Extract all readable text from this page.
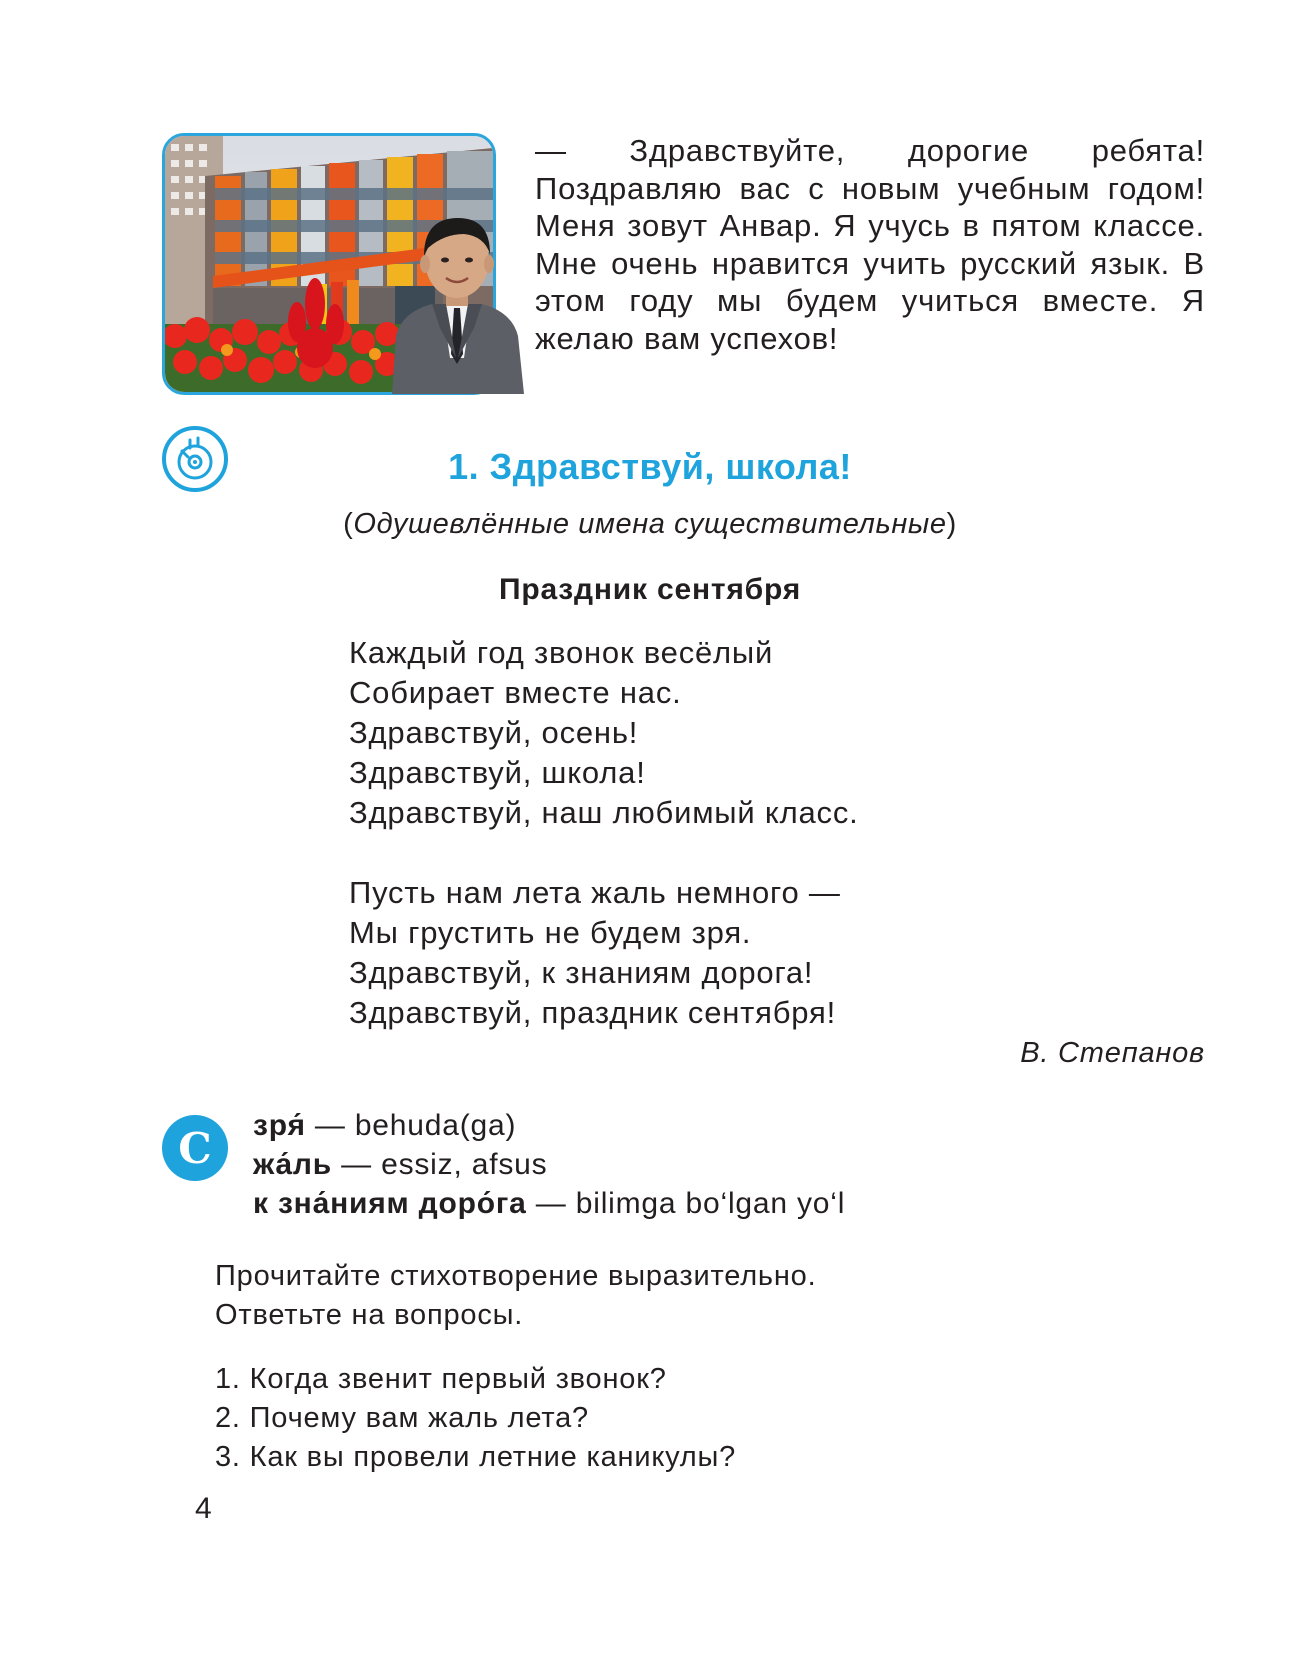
— Здравствуйте, дорогие ребята! Поздравляю вас с новым учебным годом! Меня зовут Анвар. Я учусь в пятом классе. Мне очень нравится учить русский язык. В этом году мы будем учиться вместе. Я желаю вам успехов!

1. Здравствуй, школа!

(Одушевлённые имена существительные)

Праздник сентября
Каждый год звонок весёлый
Собирает вместе нас.
Здравствуй, осень!
Здравствуй, школа!
Здравствуй, наш любимый класс.
Пусть нам лета жаль немного —
Мы грустить не будем зря.
Здравствуй, к знаниям дорога!
Здравствуй, праздник сентября!

В. Степанов

C	зря́ — behuda(ga)
жа́ль — essiz, afsus
к зна́ниям доро́га — bilimga bo‘lgan yo‘l
Прочитайте стихотворение выразительно.
Ответьте на вопросы.
1. Когда звенит первый звонок?
2. Почему вам жаль лета?
3. Как вы провели летние каникулы?

4
